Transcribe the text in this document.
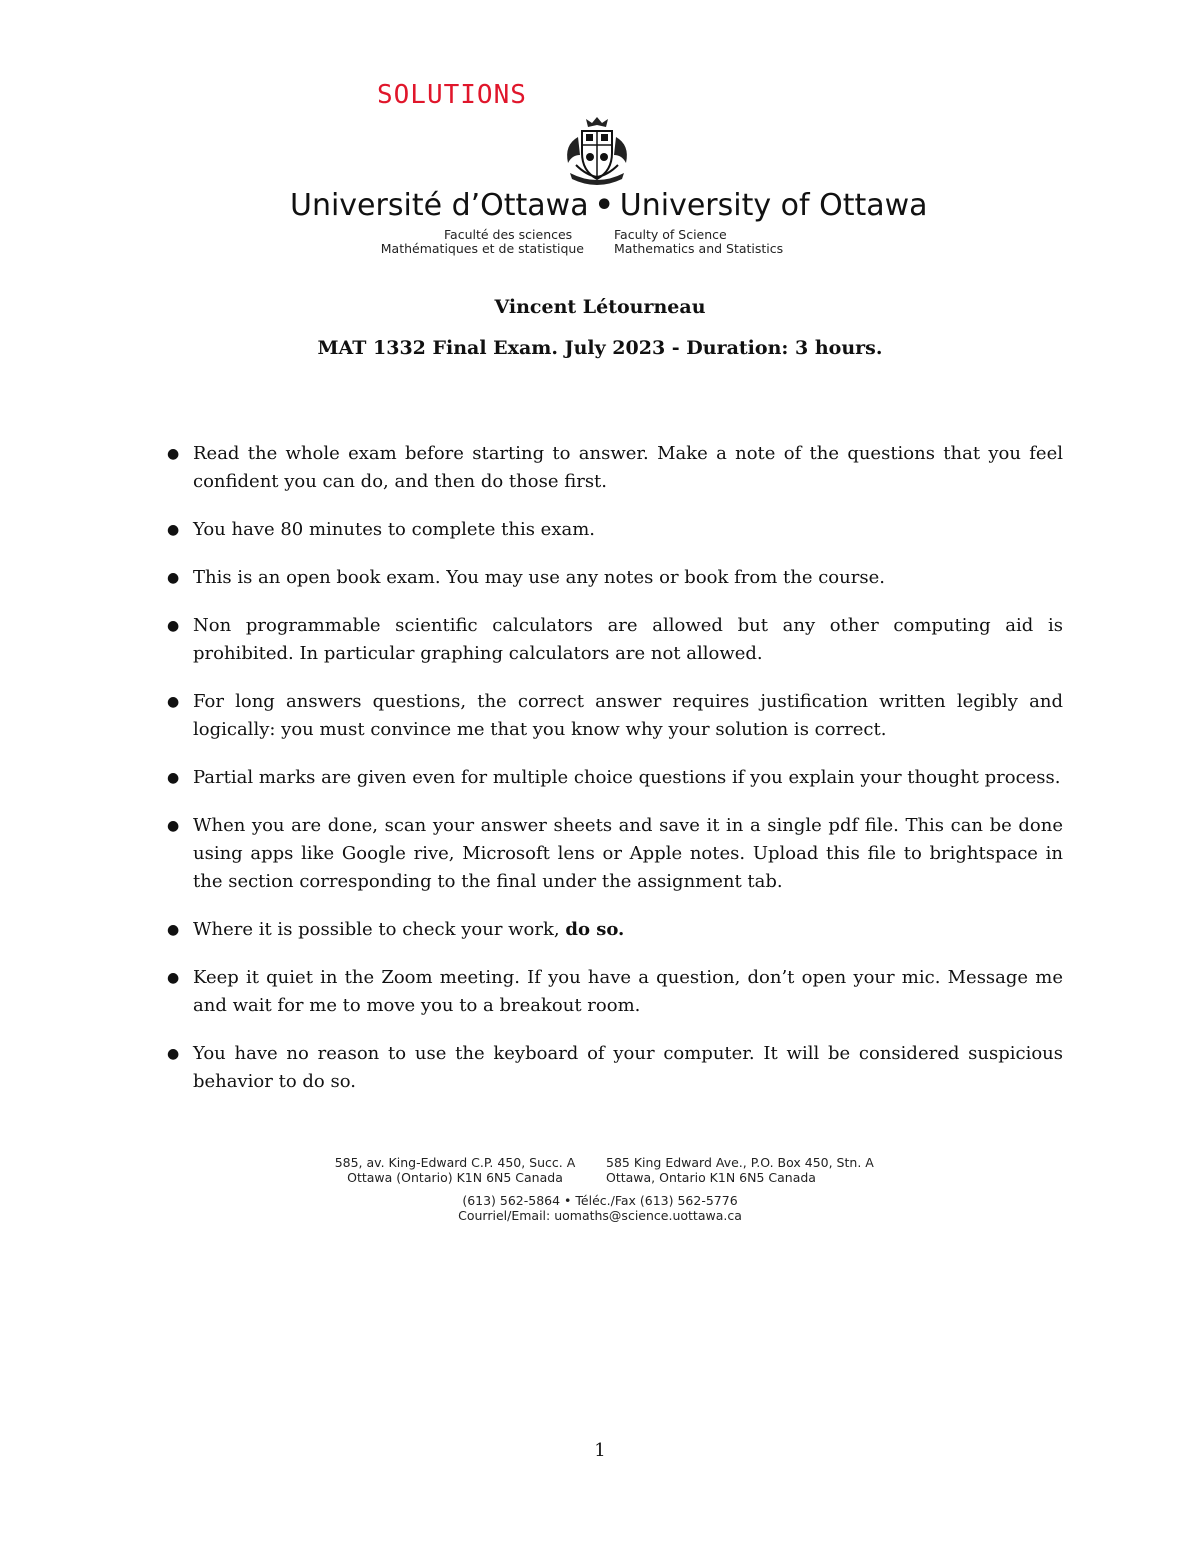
SOLUTIONS
Université d’Ottawa • University of Ottawa
Faculté des sciences
Mathématiques et de statistique
Faculty of Science
Mathematics and Statistics
Vincent Létourneau
MAT 1332 Final Exam. July 2023 - Duration: 3 hours.
● Read the whole exam before starting to answer. Make a note of the questions that you feel confident you can do, and then do those first.
● You have 80 minutes to complete this exam.
● This is an open book exam. You may use any notes or book from the course.
● Non programmable scientific calculators are allowed but any other computing aid is prohibited. In particular graphing calculators are not allowed.
● For long answers questions, the correct answer requires justification written legibly and logically: you must convince me that you know why your solution is correct.
● Partial marks are given even for multiple choice questions if you explain your thought process.
● When you are done, scan your answer sheets and save it in a single pdf file. This can be done using apps like Google rive, Microsoft lens or Apple notes. Upload this file to brightspace in the section corresponding to the final under the assignment tab.
● Where it is possible to check your work, do so.
● Keep it quiet in the Zoom meeting. If you have a question, don’t open your mic. Message me and wait for me to move you to a breakout room.
● You have no reason to use the keyboard of your computer. It will be considered suspicious behavior to do so.
585, av. King-Edward C.P. 450, Succ. A
Ottawa (Ontario) K1N 6N5 Canada
585 King Edward Ave., P.O. Box 450, Stn. A
Ottawa, Ontario K1N 6N5 Canada
(613) 562-5864 • Téléc./Fax (613) 562-5776
Courriel/Email: uomaths@science.uottawa.ca
1
